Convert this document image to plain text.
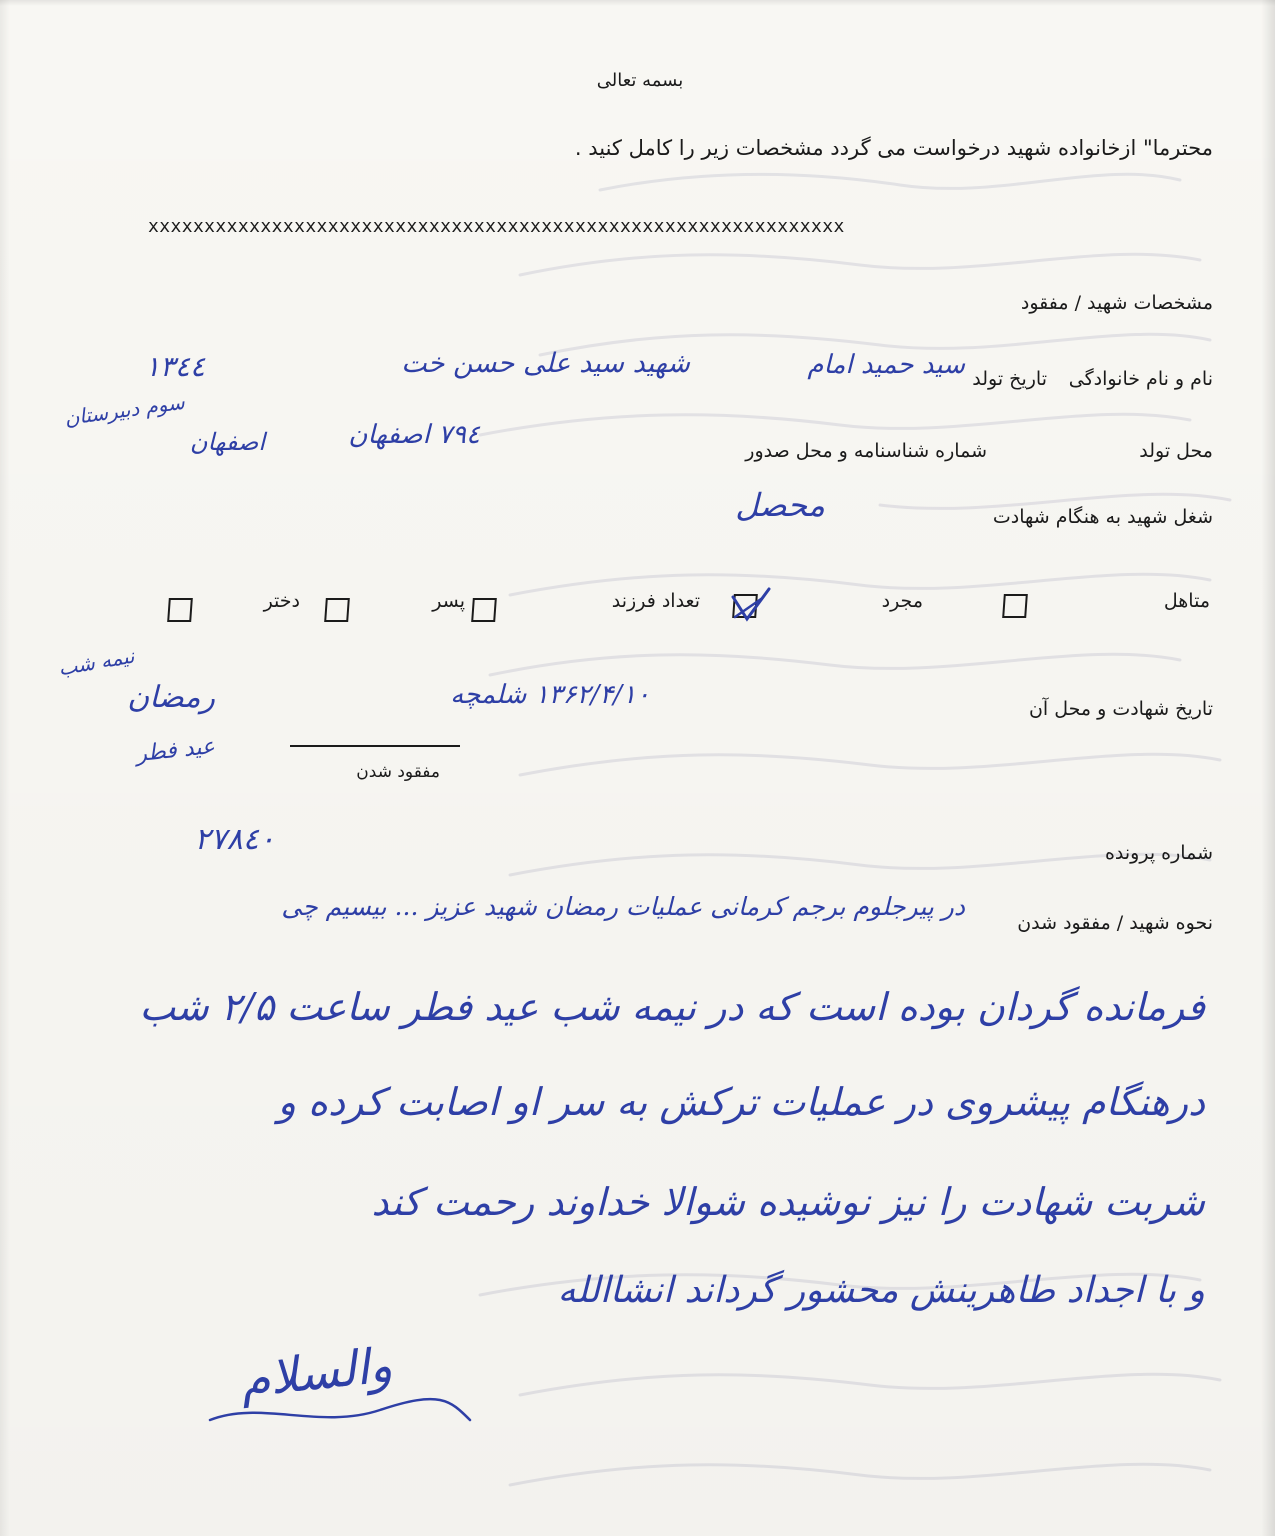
بسمه تعالی
محترما" ازخانواده شهید درخواست می گردد مشخصات زیر را کامل کنید .
xxxxxxxxxxxxxxxxxxxxxxxxxxxxxxxxxxxxxxxxxxxxxxxxxxxxxxxxxxxxxx
مشخصات شهید / مفقود
نام و نام خانوادگی
شهید سید علی حسن خت	سید حمید امام تاریخ تولد
۱۳٤٤
محل تولد
اصفهان	شماره شناسنامه و محل صدور
۷۹٤ اصفهان
سوم دبیرستان
شغل شهید به هنگام شهادت
محصل
متاهل
مجرد
تعداد فرزند
پسر
دختر
تاریخ شهادت و محل آن
۱۳۶۲/۴/۱۰ شلمچه
رمضان
نیمه شب
عید فطر
مفقود شدن
شماره پرونده
۲۷۸٤۰
نحوه شهید / مفقود شدن
در پیرجلوم برجم کرمانی عملیات رمضان شهید عزیز ... بیسیم چی
فرمانده گردان بوده است که در نیمه شب عید فطر ساعت ۲/۵ شب
درهنگام پیشروی در عملیات ترکش به سر او اصابت کرده و
شربت شهادت را نیز نوشیده شوالا خداوند رحمت کند
و با اجداد طاهرینش محشور گرداند انشاالله
والسلام
